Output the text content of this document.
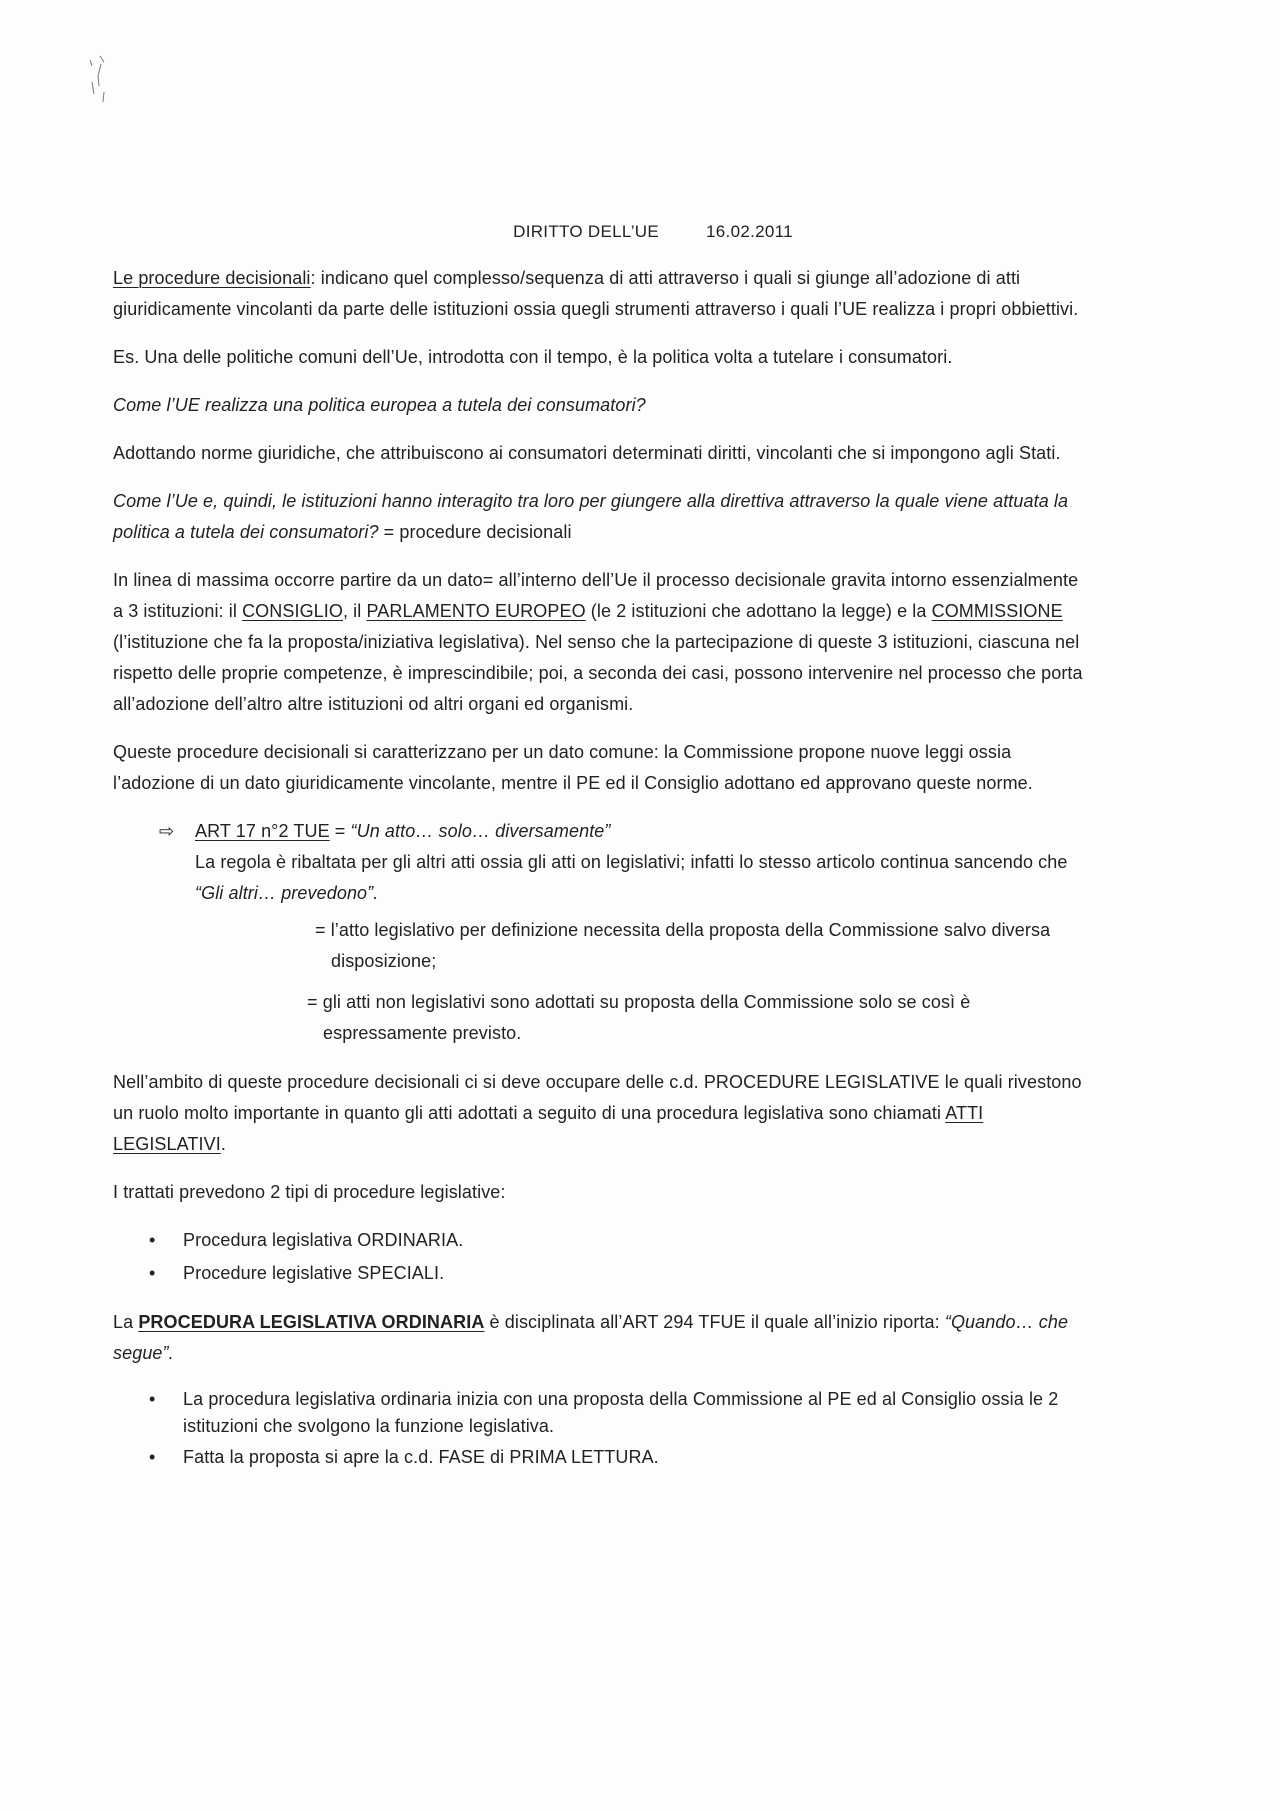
DIRITTO DELL’UE	16.02.2011

Le procedure decisionali: indicano quel complesso/sequenza di atti attraverso i quali si giunge all’adozione di atti giuridicamente vincolanti da parte delle istituzioni ossia quegli strumenti attraverso i quali l’UE realizza i propri obbiettivi.

Es. Una delle politiche comuni dell’Ue, introdotta con il tempo, è la politica volta a tutelare i consumatori.

Come l’UE realizza una politica europea a tutela dei consumatori?

Adottando norme giuridiche, che attribuiscono ai consumatori determinati diritti, vincolanti che si impongono agli Stati.

Come l’Ue e, quindi, le istituzioni hanno interagito tra loro per giungere alla direttiva attraverso la quale viene attuata la politica a tutela dei consumatori? = procedure decisionali

In linea di massima occorre partire da un dato= all’interno dell’Ue il processo decisionale gravita intorno essenzialmente a 3 istituzioni: il CONSIGLIO, il PARLAMENTO EUROPEO (le 2 istituzioni che adottano la legge) e la COMMISSIONE (l’istituzione che fa la proposta/iniziativa legislativa). Nel senso che la partecipazione di queste 3 istituzioni, ciascuna nel rispetto delle proprie competenze, è imprescindibile; poi, a seconda dei casi, possono intervenire nel processo che porta all’adozione dell’altro altre istituzioni od altri organi ed organismi.

Queste procedure decisionali si caratterizzano per un dato comune: la Commissione propone nuove leggi ossia l’adozione di un dato giuridicamente vincolante, mentre il PE ed il Consiglio adottano ed approvano queste norme.

⇨	ART 17 n°2 TUE = “Un atto… solo… diversamente”
La regola è ribaltata per gli altri atti ossia gli atti on legislativi; infatti lo stesso articolo continua sancendo che “Gli altri… prevedono”.
= l’atto legislativo per definizione necessita della proposta della Commissione salvo diversa disposizione;
= gli atti non legislativi sono adottati su proposta della Commissione solo se così è espressamente previsto.

Nell’ambito di queste procedure decisionali ci si deve occupare delle c.d. PROCEDURE LEGISLATIVE le quali rivestono un ruolo molto importante in quanto gli atti adottati a seguito di una procedura legislativa sono chiamati ATTI LEGISLATIVI.

I trattati prevedono 2 tipi di procedure legislative:

• Procedura legislativa ORDINARIA.
• Procedure legislative SPECIALI.

La PROCEDURA LEGISLATIVA ORDINARIA è disciplinata all’ART 294 TFUE il quale all’inizio riporta: “Quando… che segue”.

• La procedura legislativa ordinaria inizia con una proposta della Commissione al PE ed al Consiglio ossia le 2 istituzioni che svolgono la funzione legislativa.
• Fatta la proposta si apre la c.d. FASE di PRIMA LETTURA.
